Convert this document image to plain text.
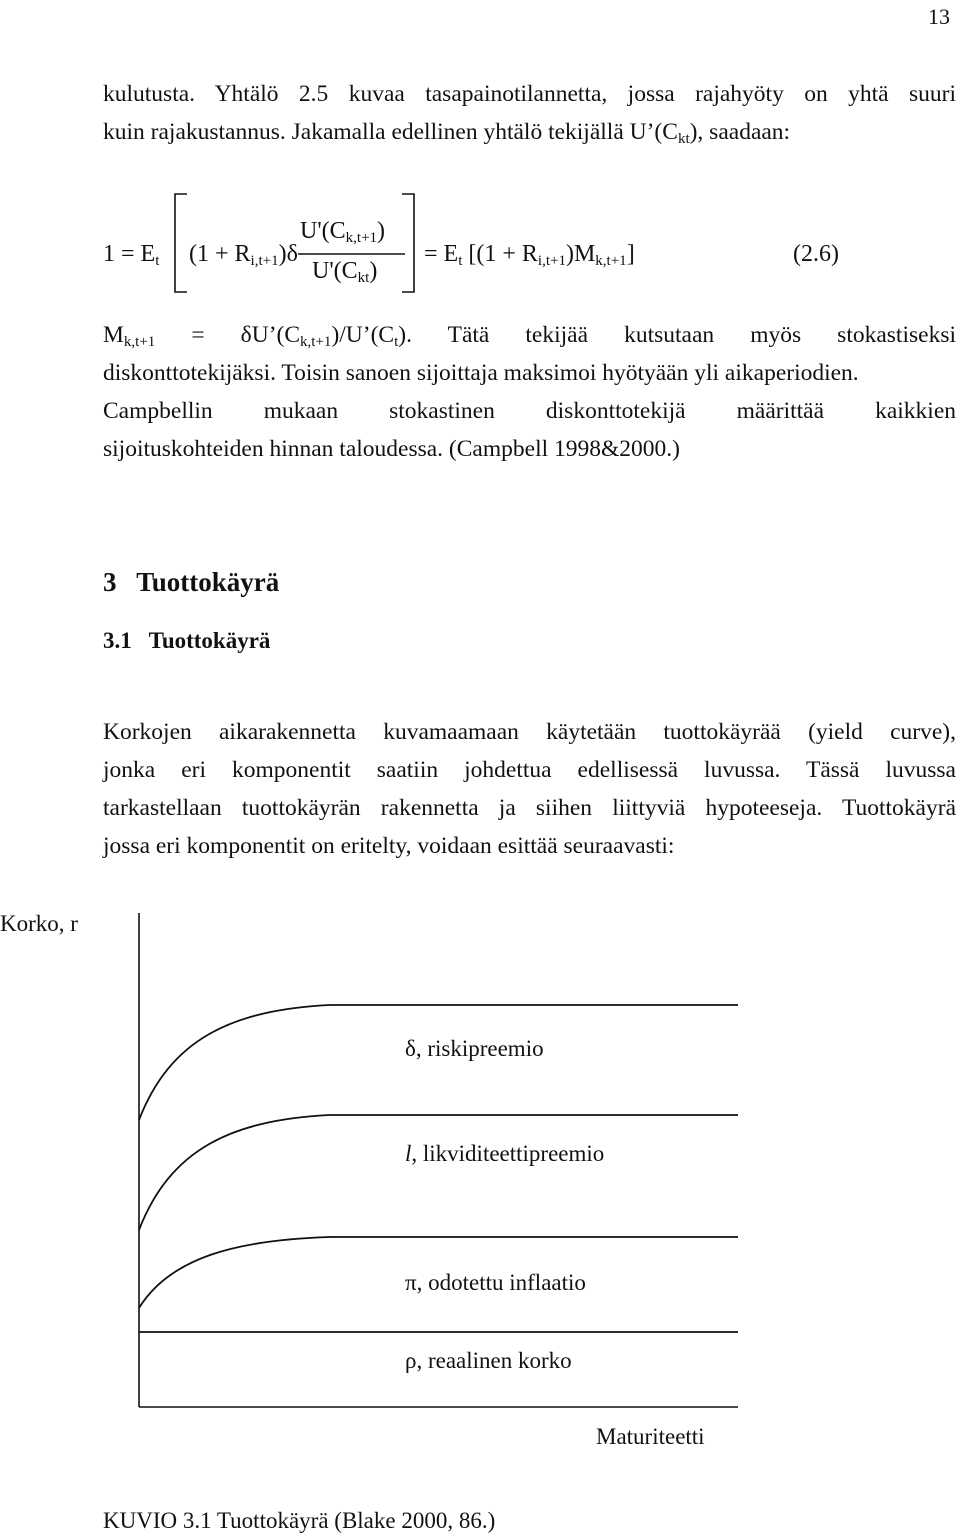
13
kulutusta. Yhtälö 2.5 kuvaa tasapainotilannetta, jossa rajahyöty on yhtä suuri
kuin rajakustannus. Jakamalla edellinen yhtälö tekijällä $U’(C_{kt})$, saadaan:
$1 = E_t$ $(1 + R_{i,t+1})\delta$
$U'(C_{k,t+1})$
$U'(C_{kt})$
= $E_t$ $[(1 + R_{i,t+1})M_{k,t+1}]$	(2.6)
$M_{k,t+1}$ = $\delta U’(C_{k,t+1})/U’(C_t)$. Tätä tekijää kutsutaan myös stokastiseksi
diskonttotekijäksi. Toisin sanoen sijoittaja maksimoi hyötyään yli aikaperiodien.
Campbellin mukaan stokastinen diskonttotekijä määrittää kaikkien
sijoituskohteiden hinnan taloudessa. (Campbell 1998&2000.)
3   Tuottokäyrä
3.1   Tuottokäyrä
Korkojen aikarakennetta kuvamaamaan käytetään tuottokäyrää (yield curve),
jonka eri komponentit saatiin johdettua edellisessä luvussa. Tässä luvussa
tarkastellaan tuottokäyrän rakennetta ja siihen liittyviä hypoteeseja. Tuottokäyrä
jossa eri komponentit on eritelty, voidaan esittää seuraavasti:
Korko, r
δ, riskipreemio
l, likviditeettipreemio
π, odotettu inflaatio
ρ, reaalinen korko
Maturiteetti
KUVIO 3.1 Tuottokäyrä (Blake 2000, 86.)
